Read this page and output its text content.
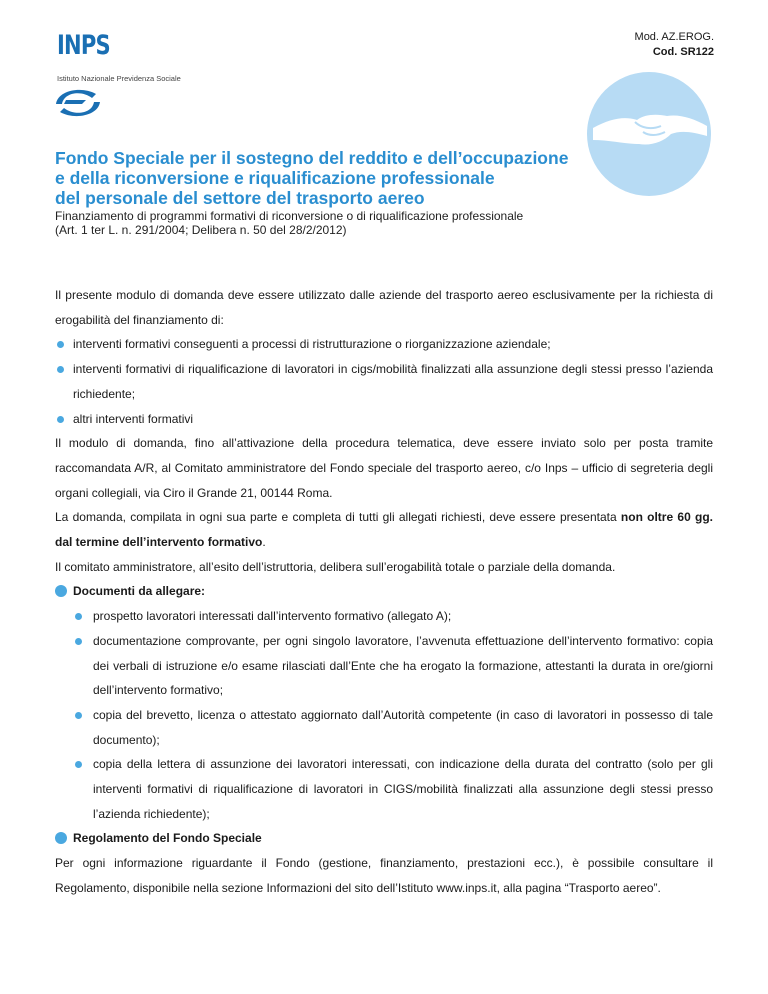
INPS
Istituto Nazionale Previdenza Sociale
Mod. AZ.EROG.
Cod. SR122
Fondo Speciale per il sostegno del reddito e dell’occupazione
e della riconversione e riqualificazione professionale
del personale del settore del trasporto aereo
Finanziamento di programmi formativi di riconversione o di riqualificazione professionale
(Art. 1 ter L. n. 291/2004; Delibera n. 50 del 28/2/2012)

Il presente modulo di domanda deve essere utilizzato dalle aziende del trasporto aereo esclusivamente per la richiesta di erogabilità del finanziamento di:

interventi formativi conseguenti a processi di ristrutturazione o riorganizzazione aziendale;

interventi formativi di riqualificazione di lavoratori in cigs/mobilità finalizzati alla assunzione degli stessi presso l’azienda richiedente;

altri interventi formativi

Il modulo di domanda, fino all’attivazione della procedura telematica, deve essere inviato solo per posta tramite raccomandata A/R, al Comitato amministratore del Fondo speciale del trasporto aereo, c/o Inps – ufficio di segreteria degli organi collegiali, via Ciro il Grande 21, 00144 Roma.

La domanda, compilata in ogni sua parte e completa di tutti gli allegati richiesti, deve essere presentata non oltre 60 gg. dal termine dell’intervento formativo.

Il comitato amministratore, all’esito dell’istruttoria, delibera sull’erogabilità totale o parziale della domanda.

Documenti da allegare:

prospetto lavoratori interessati dall’intervento formativo (allegato A);

documentazione comprovante, per ogni singolo lavoratore, l’avvenuta effettuazione dell’intervento formativo: copia dei verbali di istruzione e/o esame rilasciati dall’Ente che ha erogato la formazione, attestanti la durata in ore/giorni dell’intervento formativo;

copia del brevetto, licenza o attestato aggiornato dall’Autorità competente (in caso di lavoratori in possesso di tale documento);

copia della lettera di assunzione dei lavoratori interessati, con indicazione della durata del contratto (solo per gli interventi formativi di riqualificazione di lavoratori in CIGS/mobilità finalizzati alla assunzione degli stessi presso l’azienda richiedente);

Regolamento del Fondo Speciale

Per ogni informazione riguardante il Fondo (gestione, finanziamento, prestazioni ecc.), è possibile consultare il Regolamento, disponibile nella sezione Informazioni del sito dell’Istituto www.inps.it, alla pagina “Trasporto aereo”.
